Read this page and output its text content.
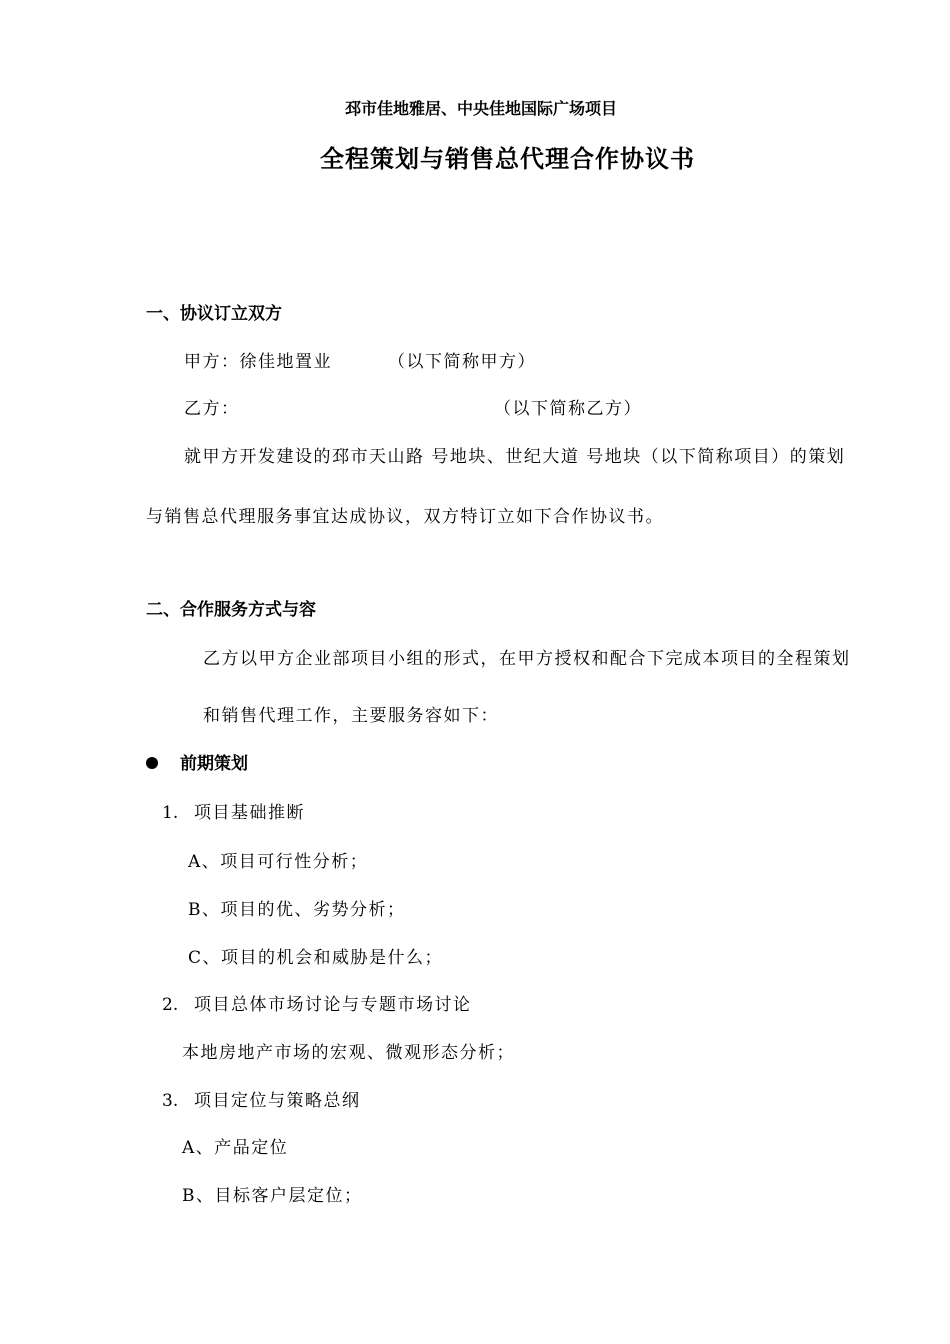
邳市佳地雅居、中央佳地国际广场项目
全程策划与销售总代理合作协议书
一、协议订立双方
甲方：徐佳地置业	（以下简称甲方）
乙方：	（以下简称乙方）
就甲方开发建设的邳市天山路 号地块、世纪大道 号地块（以下简称项目）的策划
与销售总代理服务事宜达成协议，双方特订立如下合作协议书。
二、合作服务方式与容
乙方以甲方企业部项目小组的形式，在甲方授权和配合下完成本项目的全程策划
和销售代理工作，主要服务容如下：
前期策划
1. 项目基础推断
A、项目可行性分析；
B、项目的优、劣势分析；
C、项目的机会和威胁是什么；
2. 项目总体市场讨论与专题市场讨论
本地房地产市场的宏观、微观形态分析；
3. 项目定位与策略总纲
A、产品定位
B、目标客户层定位；
